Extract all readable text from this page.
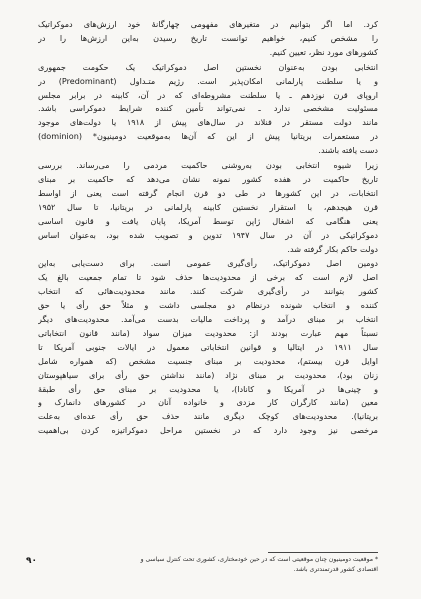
کرد. اما اگر بتوانیم در متغیرهای مفهومی چهارگانهٔ خود ارزش‌های دموکراتیک
را مشخص کنیم، خواهیم توانست تاریخ رسیدن به‌این ارزش‌ها را در
کشورهای مورد نظر، تعیین کنیم.
انتخابی بودن به‌عنوان نخستین اصل دموکراتیک یک حکومت جمهوری
و یا سلطنت پارلمانی امکان‌پذیر است. رژیم متـداول (Predominant) در
اروپای قرن نوزدهم ـ یا سلطنت مشروطه‌ای که در آن، کابینه در برابر مجلس
مسئولیت مشخصی ندارد ـ نمی‌تواند تأمین کننده شرایط دموکراسی باشد.
مانند دولت مستقر در فنلاند در سال‌های پیش از ۱۹۱۸ یا دولت‌های موجود
در مستعمرات بریتانیا پیش از این که آن‌ها به‌موقعیت دومینیون* (dominion)
دست یافته باشند.
زیرا شیوه انتخابی بودن به‌روشنی حاکمیت مردمی را می‌رساند. بررسی
تاریخ حاکمیت در هفده کشور نمونه نشان می‌دهد که حاکمیت بر مبنای
انتخابات، در این کشورها در طی دو قرن انجام گرفته است یعنی از اواسط
قرن هیجدهم، با استقرار نخستین کابینه پارلمانی در بریتانیا، تا سال ۱۹۵۲
یعنی هنگامی که اشغال ژاپن توسط آمریکا، پایان یافت و قانون اساسی
دموکراتیکی در آن در سال ۱۹۴۷ تدوین و تصویب شده بود، به‌عنوان اساس
دولت حاکم بکار گرفته شد.
دومین اصل دموکراتیک، رأی‌گیری عمومی است. برای دست‌یابی به‌این
اصل لازم است که برخی از محدودیت‌ها حذف شود تا تمام جمعیت بالغ یک
کشور بتوانند در رأی‌گیری شرکت کنند. مانند محدودیت‌هائی که انتخاب
کننده و انتخاب شونده درنظام دو مجلسی داشت و مثلاً حق رأی یا حق
انتخاب بر مبنای درآمد و پرداخت مالیات بدست می‌آمد. محدودیت‌های دیگر
نسبتاً مهم عبارت بودند از: محدودیت میزان سواد (مانند قانون انتخاباتی
سال ۱۹۱۱ در ایتالیا و قوانین انتخاباتی معمول در ایالات جنوبی آمریکا تا
اوایل قرن بیستم)، محدودیت بر مبنای جنسیت مشخص (که همواره شامل
زنان بود)، محدودیت بر مبنای نژاد (مانند نداشتن حق رأی برای سیاهپوستان
و چینی‌ها در آمریکا و کانادا)، یا محدودیت بر مبنای حق رأی طبقهٔ
معین (مانند کارگران کار مزدی و خانواده آنان در کشورهای دانمارک و
بریتانیا). محدودیت‌های کوچک دیگری مانند حذف حق رأی عده‌ای به‌علت
مرخصی نیز وجود دارد که در نخستین مراحل دموکراتیزه کردن بی‌اهمیت
* موقعیت دومینیون چنان موقعیتی است که در حین خودمختاری، کشوری تحت کنترل سیاسی و
اقتصادی کشور قدرتمندتری باشد.
۹۰
